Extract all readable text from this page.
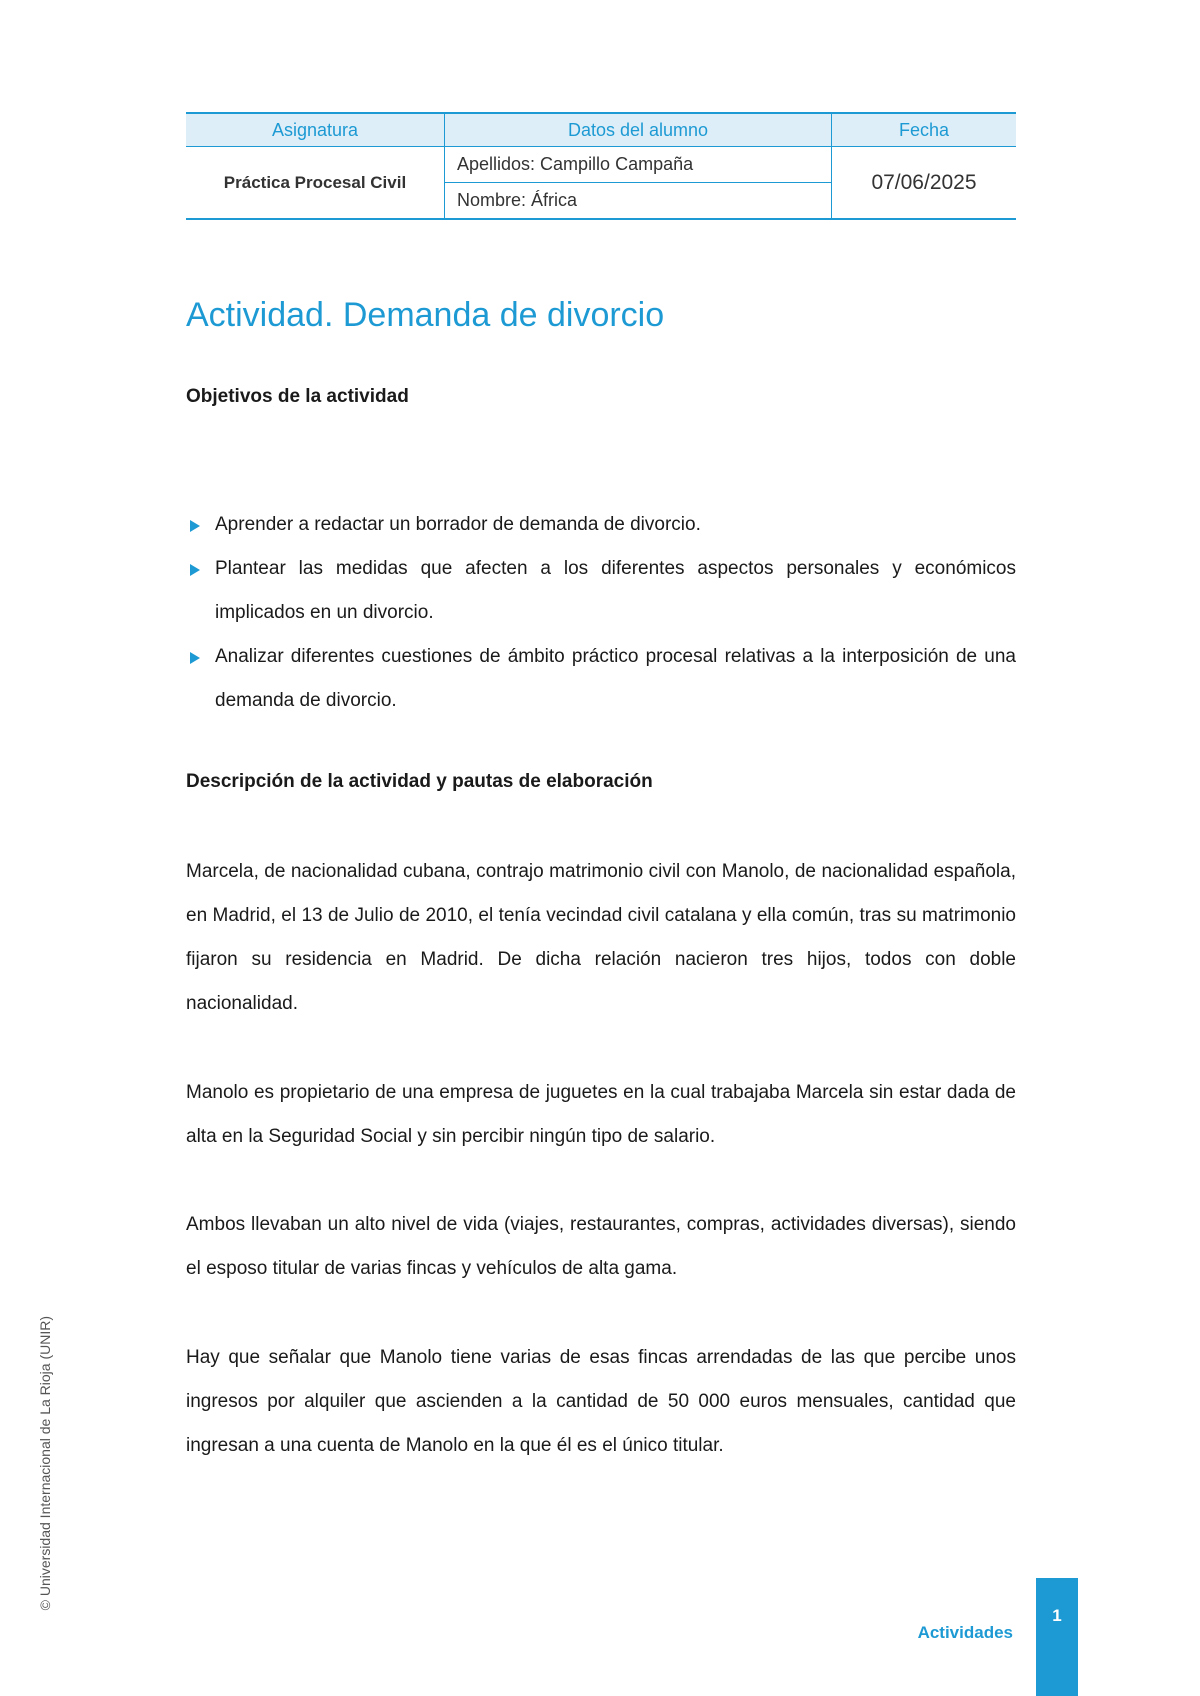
Asignatura	Datos del alumno	Fecha
Práctica Procesal Civil	Apellidos: Campillo Campaña	07/06/2025
	Nombre: África	
Actividad. Demanda de divorcio
Objetivos de la actividad
Aprender a redactar un borrador de demanda de divorcio.
Plantear las medidas que afecten a los diferentes aspectos personales y económicos implicados en un divorcio.
Analizar diferentes cuestiones de ámbito práctico procesal relativas a la interposición de una demanda de divorcio.
Descripción de la actividad y pautas de elaboración

Marcela, de nacionalidad cubana, contrajo matrimonio civil con Manolo, de nacionalidad española, en Madrid, el 13 de Julio de 2010, el tenía vecindad civil catalana y ella común, tras su matrimonio fijaron su residencia en Madrid. De dicha relación nacieron tres hijos, todos con doble nacionalidad.

Manolo es propietario de una empresa de juguetes en la cual trabajaba Marcela sin estar dada de alta en la Seguridad Social y sin percibir ningún tipo de salario.

Ambos llevaban un alto nivel de vida (viajes, restaurantes, compras, actividades diversas), siendo el esposo titular de varias fincas y vehículos de alta gama.

Hay que señalar que Manolo tiene varias de esas fincas arrendadas de las que percibe unos ingresos por alquiler que ascienden a la cantidad de 50 000 euros mensuales, cantidad que ingresan a una cuenta de Manolo en la que él es el único titular.

© Universidad Internacional de La Rioja (UNIR)
Actividades
1
